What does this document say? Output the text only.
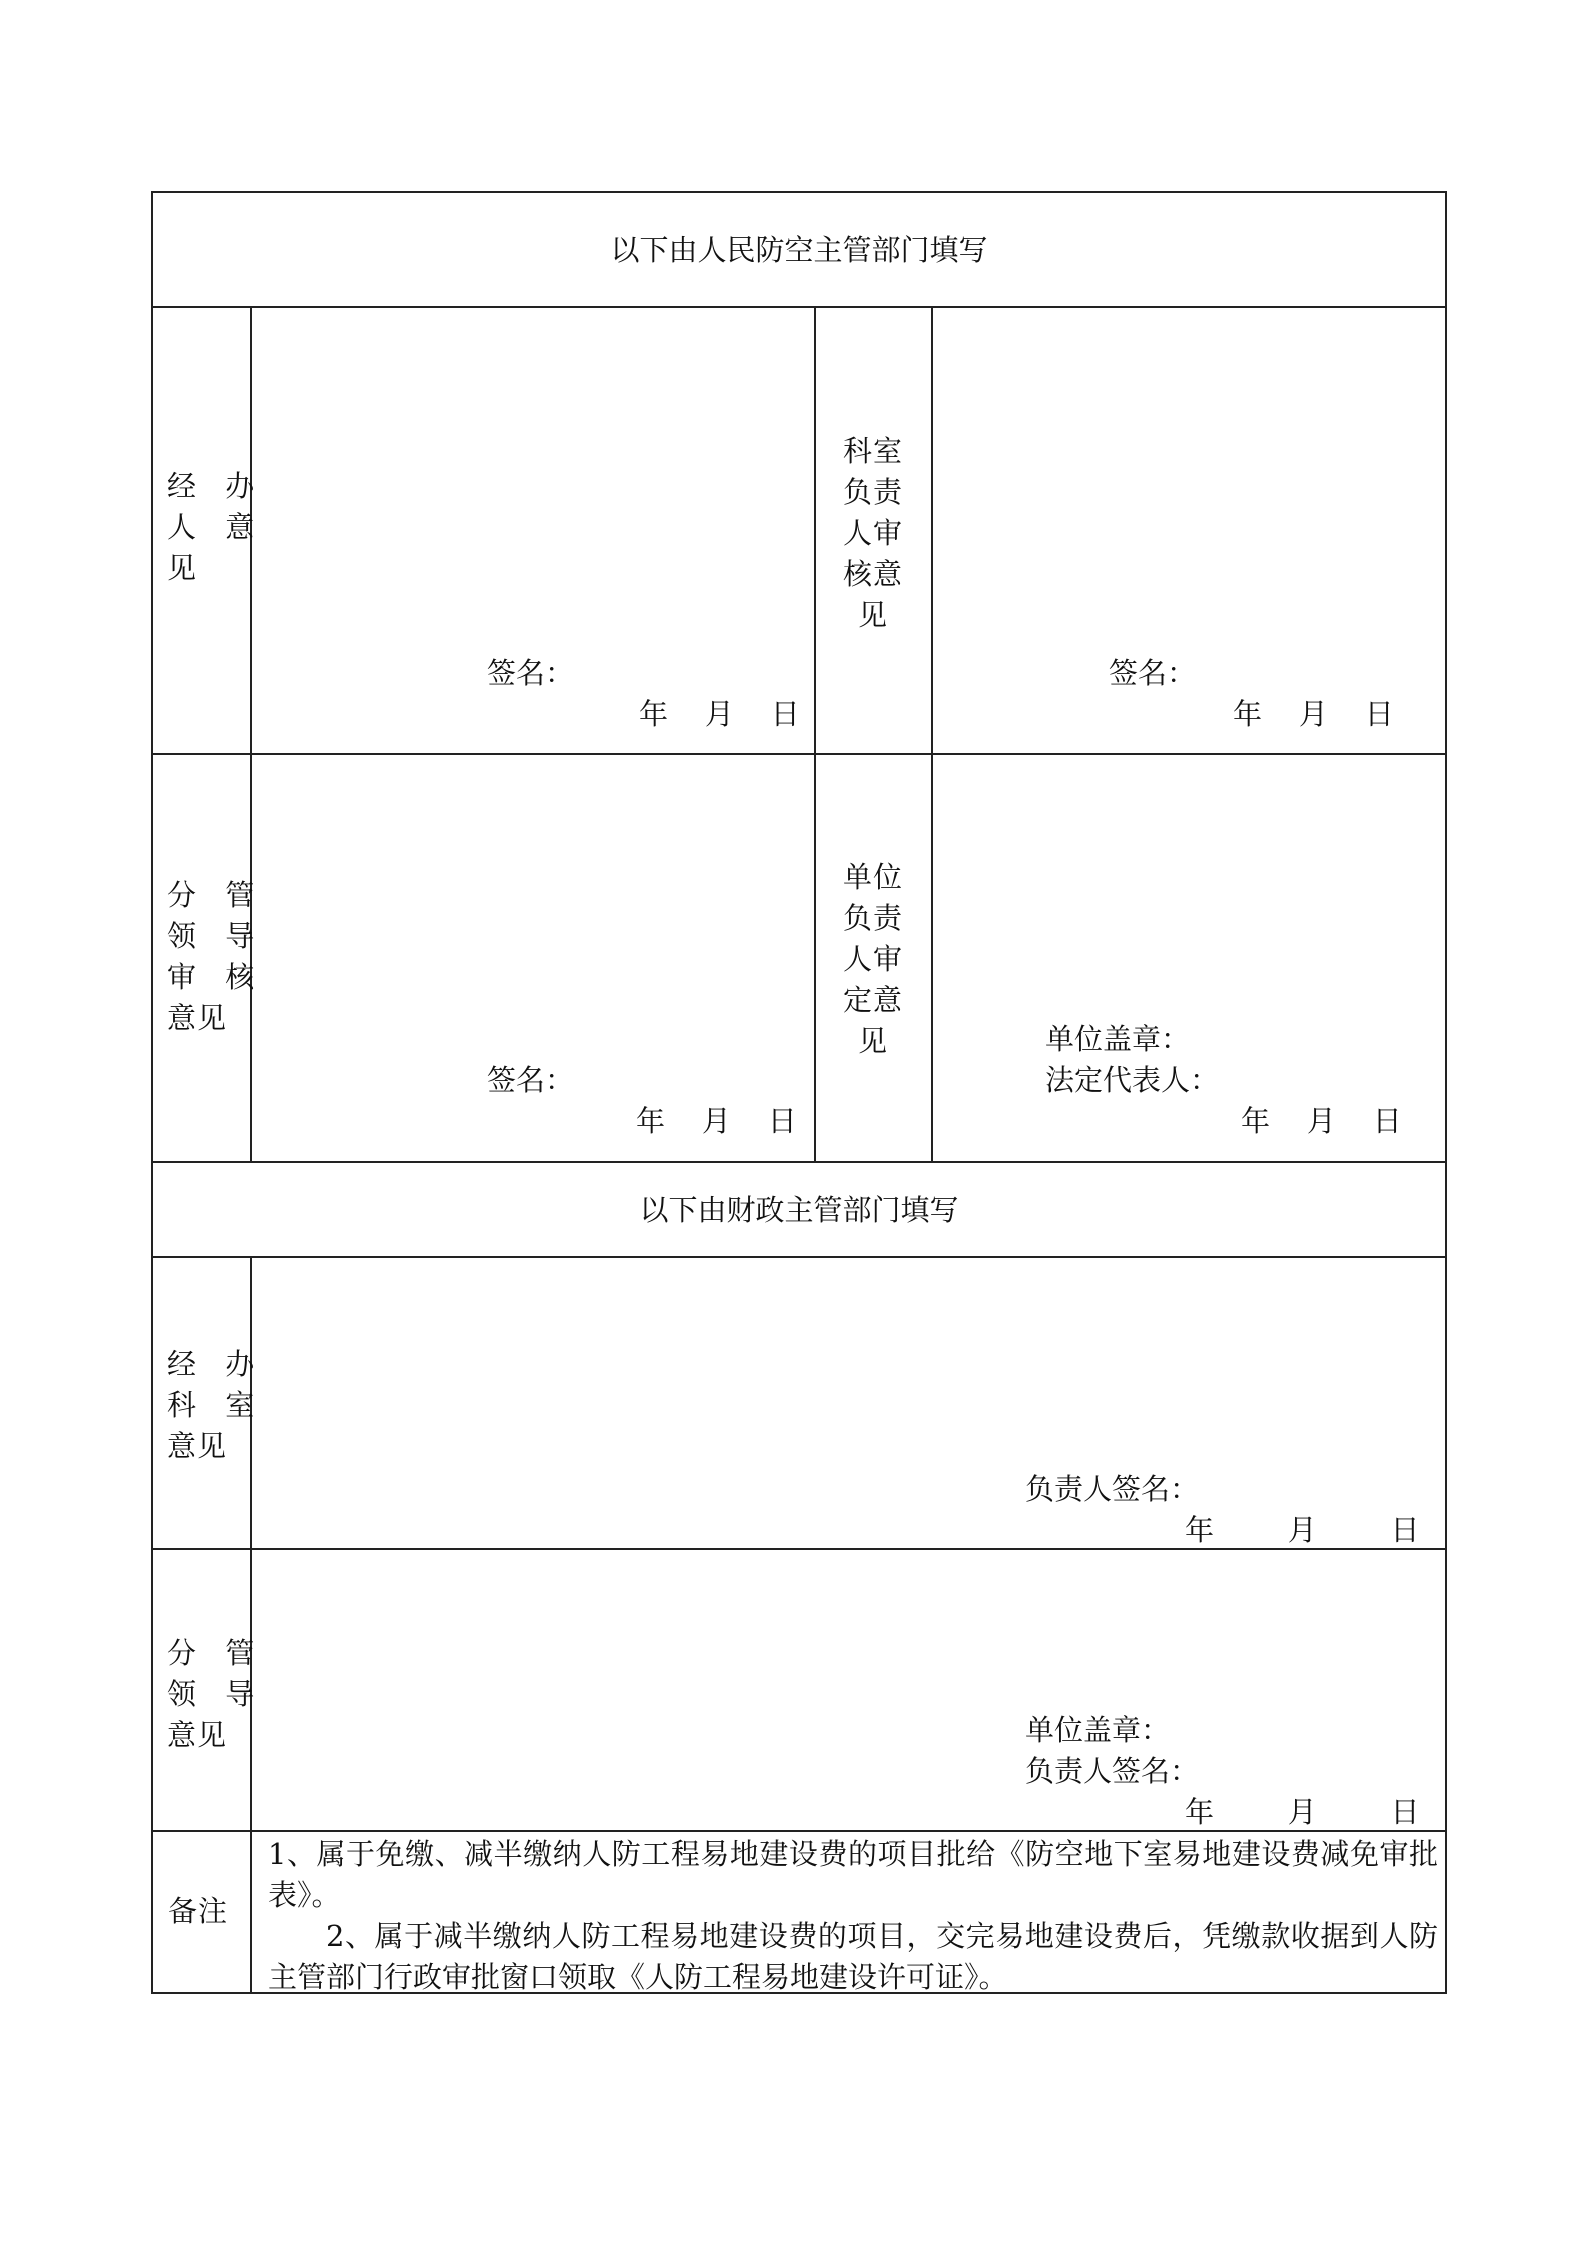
以下由人民防空主管部门填写
经 办
人 意
见
签名：
年    月    日
科室
负责
人审
核意
见
签名：
年    月    日
分 管
领 导
审 核
意见
签名：
年    月    日
单位
负责
人审
定意
见	单位盖章：
法定代表人：
年    月    日
以下由财政主管部门填写
经 办
科 室
意见
负责人签名：
年        月        日
分 管
领 导
意见	单位盖章：
负责人签名：
年        月        日
备注
1、属于免缴、减半缴纳人防工程易地建设费的项目批给《防空地下室易地建设费减免审批表》。
2、属于减半缴纳人防工程易地建设费的项目，交完易地建设费后，凭缴款收据到人防主管部门行政审批窗口领取《人防工程易地建设许可证》。
